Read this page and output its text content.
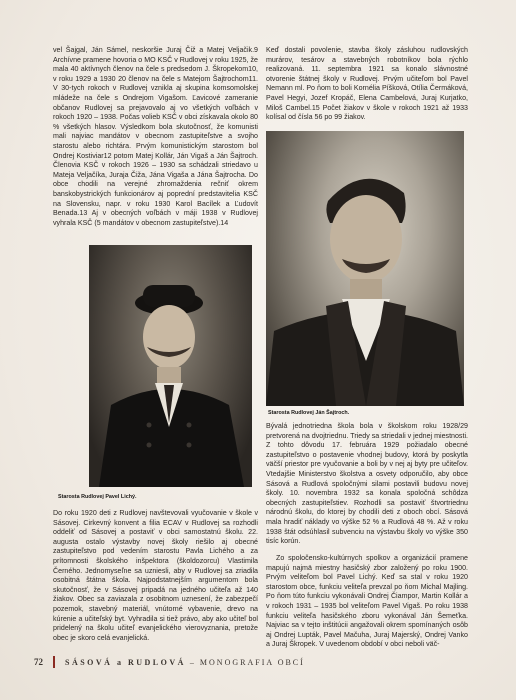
vel Šajgal, Ján Sámel, neskoršie Juraj Čiž a Matej Veljačik.9 Archívne pramene hovoria o MO KSČ v Rudlovej v roku 1925, že mala 40 aktívnych členov na čele s predsedom J. Škropekom10, v roku 1929 a 1930 20 členov na čele s Matejom Šajtrochom11. V 30-tych rokoch v Rudlovej vznikla aj skupina komsomolskej mládeže na čele s Ondrejom Vigašom. Ľavicové zameranie občanov Rudlovej sa prejavovalo aj vo všetkých voľbách v rokoch 1920 – 1938. Počas volieb KSČ v obci získavala okolo 80 % všetkých hlasov. Výsledkom bola skutočnosť, že komunisti mali najviac mandátov v obecnom zastupiteľstve a svojho starostu alebo richtára. Prvým komunistickým starostom bol Ondrej Kostiviar12 potom Matej Kollár, Ján Vigaš a Ján Šajtroch. Členovia KSČ v rokoch 1926 – 1930 sa schádzali striedavo u Mateja Veljačíka, Juraja Čiža, Jána Vigaša a Jána Šajtrocha. Do obce chodili na verejné zhromaždenia rečniť okrem banskobystrických funkcionárov aj poprední predstavitelia KSČ na Slovensku, napr. v roku 1930 Karol Bacílek a Ľudovít Benada.13 Aj v obecných voľbách v máji 1938 v Rudlovej vyhrala KSČ (5 mandátov v obecnom zastupiteľstve).14

Starosta Rudlovej Pavel Lichý.

Do roku 1920 deti z Rudlovej navštevovali vyučovanie v škole v Sásovej. Cirkevný konvent a filia ECAV v Rudlovej sa rozhodli oddeliť od Sásovej a postaviť v obci samostatnú školu. 22. augusta ostalo výstavby novej školy riešilo aj obecné zastupiteľstvo pod vedením starostu Pavla Lichého a za prítomnosti školského inšpektora (školdozorcu) Vlastimila Černého. Jednomyseľne sa uzniesli, aby v Rudlovej sa zriadila osobitná štátna škola. Najpodstatnejším argumentom bola skutočnosť, že v Sásovej pripadá na jedného učiteľa až 140 žiakov. Obec sa zaviazala z osobitnom uznesení, že zabezpečí pozemok, stavebný materiál, vnútorné vybavenie, drevo na kúrenie a učiteľský byt. Vyhradila si tiež právo, aby ako učiteľ bol pridelený na školu učiteľ evanjelického vierovyznania, pretože obec je skoro celá evanjelická.

Keď dostali povolenie, stavba školy zásluhou rudlovských murárov, tesárov a stavebných robotníkov bola rýchlo realizovaná. 11. septembra 1921 sa konalo slávnostné otvorenie štátnej školy v Rudlovej. Prvým učiteľom bol Pavel Nemann ml. Po ňom to boli Kornélia Píšková, Otília Čermáková, Pavel Hegyi, Jozef Kropáč, Elena Cambelová, Juraj Kurjatko, Miloš Cambel.15 Počet žiakov v škole v rokoch 1921 až 1933 kolísal od čísla 56 po 99 žiakov.

Starosta Rudlovej Ján Šajtroch.

Bývalá jednotriedna škola bola v školskom roku 1928/29 pretvorená na dvojtriednu. Triedy sa striedali v jednej miestnosti. Z tohto dôvodu 17. februára 1929 požiadalo obecné zastupiteľstvo o postavenie vhodnej budovy, ktorá by poskytla väčší priestor pre vyučovanie a boli by v nej aj byty pre učiteľov. Vtedajšie Ministerstvo školstva a osvety odporučilo, aby obce Sásová a Rudlová spoločnými silami postavili budovu novej školy. 10. novembra 1932 sa konala spoločná schôdza obecných zastupiteľstiev. Rozhodli sa postaviť štvortriednu národnú školu, do ktorej by chodili deti z oboch obcí. Sásová mala hradiť náklady vo výške 52 % a Rudlová 48 %. Až v roku 1938 štát odsúhlasil subvenciu na výstavbu školy vo výške 350 tisíc korún.

Zo spoločensko-kultúrnych spolkov a organizácií pramene mapujú najmä miestny hasičský zbor založený po roku 1900. Prvým veliteľom bol Pavel Lichý. Keď sa stal v roku 1920 starostom obce, funkciu veliteľa prevzal po ňom Michal Majling. Po ňom túto funkciu vykonávali Ondrej Čiampor, Martin Kollár a v rokoch 1931 – 1935 bol veliteľom Pavel Vigaš. Po roku 1938 funkciu veliteľa hasičského zboru vykonával Ján Šemeťka. Najviac sa v tejto inštitúcii angažovali okrem spomínaných osôb aj Ondrej Lupták, Pavel Mačuha, Juraj Majerský, Ondrej Vanko a Juraj Škropek. V uvedenom období v obci neboli väč-

72	SÁSOVÁ a RUDLOVÁ – MONOGRAFIA OBCÍ
